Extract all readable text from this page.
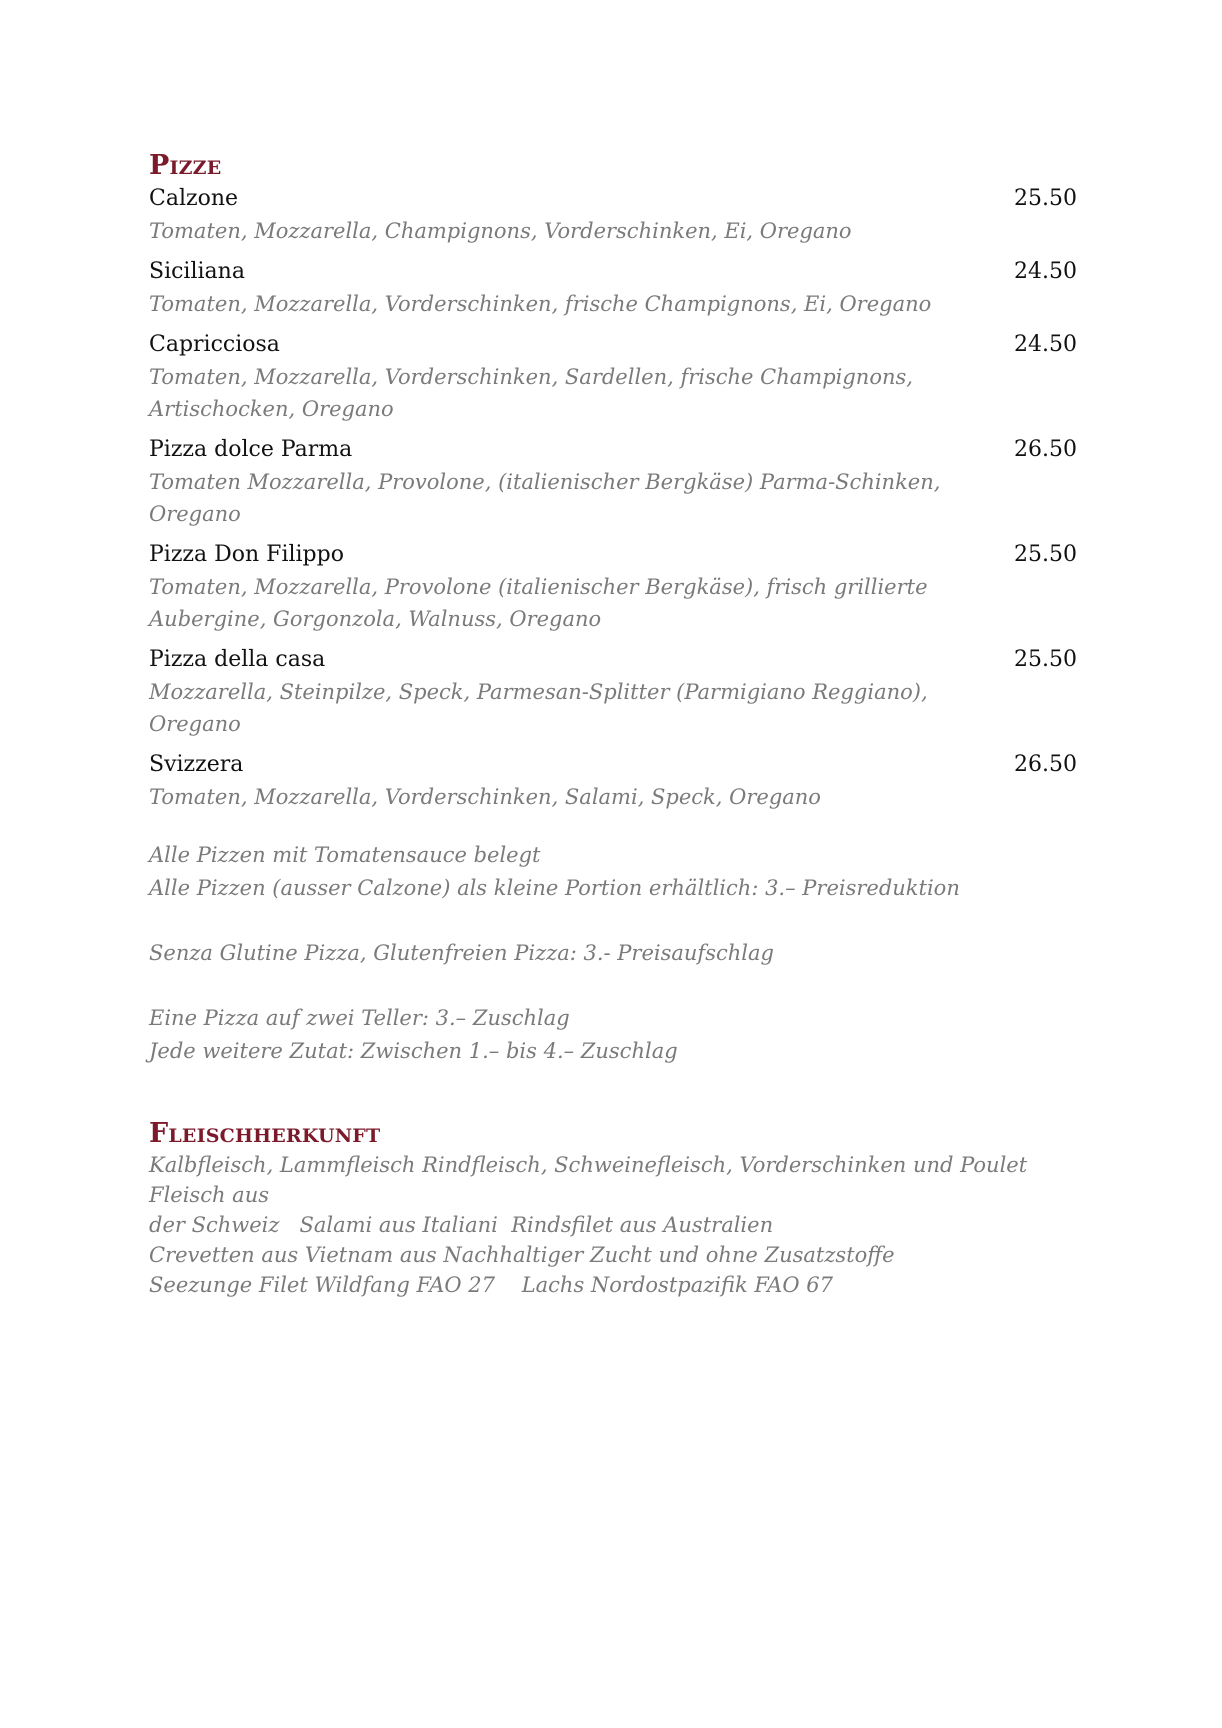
Pizze
Calzone	25.50
Tomaten, Mozzarella, Champignons, Vorderschinken, Ei, Oregano
Siciliana	24.50
Tomaten, Mozzarella, Vorderschinken, frische Champignons, Ei, Oregano
Capricciosa	24.50
Tomaten, Mozzarella, Vorderschinken, Sardellen, frische Champignons, Artischocken, Oregano
Pizza dolce Parma	26.50
Tomaten Mozzarella, Provolone, (italienischer Bergkäse) Parma-Schinken, Oregano
Pizza Don Filippo	25.50
Tomaten, Mozzarella, Provolone (italienischer Bergkäse), frisch grillierte Aubergine, Gorgonzola, Walnuss, Oregano
Pizza della casa	25.50
Mozzarella, Steinpilze, Speck, Parmesan-Splitter (Parmigiano Reggiano), Oregano
Svizzera	26.50
Tomaten, Mozzarella, Vorderschinken, Salami, Speck, Oregano
Alle Pizzen mit Tomatensauce belegt
Alle Pizzen (ausser Calzone) als kleine Portion erhältlich: 3.– Preisreduktion
Senza Glutine Pizza, Glutenfreien Pizza: 3.- Preisaufschlag
Eine Pizza auf zwei Teller: 3.– Zuschlag
Jede weitere Zutat: Zwischen 1.– bis 4.– Zuschlag
Fleischherkunft
Kalbfleisch, Lammfleisch Rindfleisch, Schweinefleisch, Vorderschinken und Poulet Fleisch aus
der Schweiz   Salami aus Italiani  Rindsfilet aus Australien
Crevetten aus Vietnam aus Nachhaltiger Zucht und ohne Zusatzstoffe
Seezunge Filet Wildfang FAO 27    Lachs Nordostpazifik FAO 67
